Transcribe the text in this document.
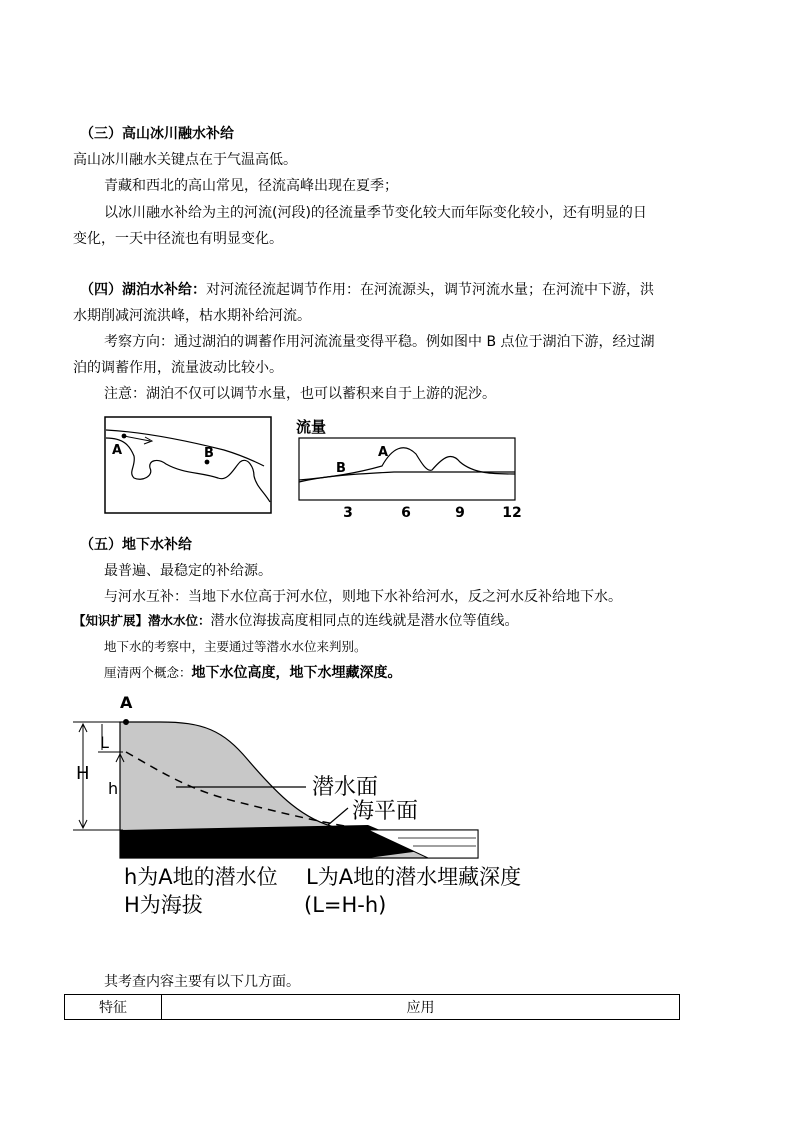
（三）高山冰川融水补给
高山冰川融水关键点在于气温高低。
青藏和西北的高山常见，径流高峰出现在夏季；
以冰川融水补给为主的河流(河段)的径流量季节变化较大而年际变化较小，还有明显的日
变化，一天中径流也有明显变化。
（四）湖泊水补给：对河流径流起调节作用：在河流源头，调节河流水量；在河流中下游，洪
水期削减河流洪峰，枯水期补给河流。
考察方向：通过湖泊的调蓄作用河流流量变得平稳。例如图中 B 点位于湖泊下游，经过湖
泊的调蓄作用，流量波动比较小。
注意：湖泊不仅可以调节水量，也可以蓄积来自于上游的泥沙。
A	B
流量
A
B
3	6	9	12
（五）地下水补给
最普遍、最稳定的补给源。
与河水互补：当地下水位高于河水位，则地下水补给河水，反之河水反补给地下水。
【知识扩展】潜水水位：潜水位海拔高度相同点的连线就是潜水位等值线。
地下水的考察中，主要通过等潜水水位来判别。
厘清两个概念：地下水位高度，地下水埋藏深度。
A
L
H
h	潜水面
海平面
h为A地的潜水位 L为A地的潜水埋藏深度
H为海拔	(L=H-h)
其考查内容主要有以下几方面。
特征	应用
